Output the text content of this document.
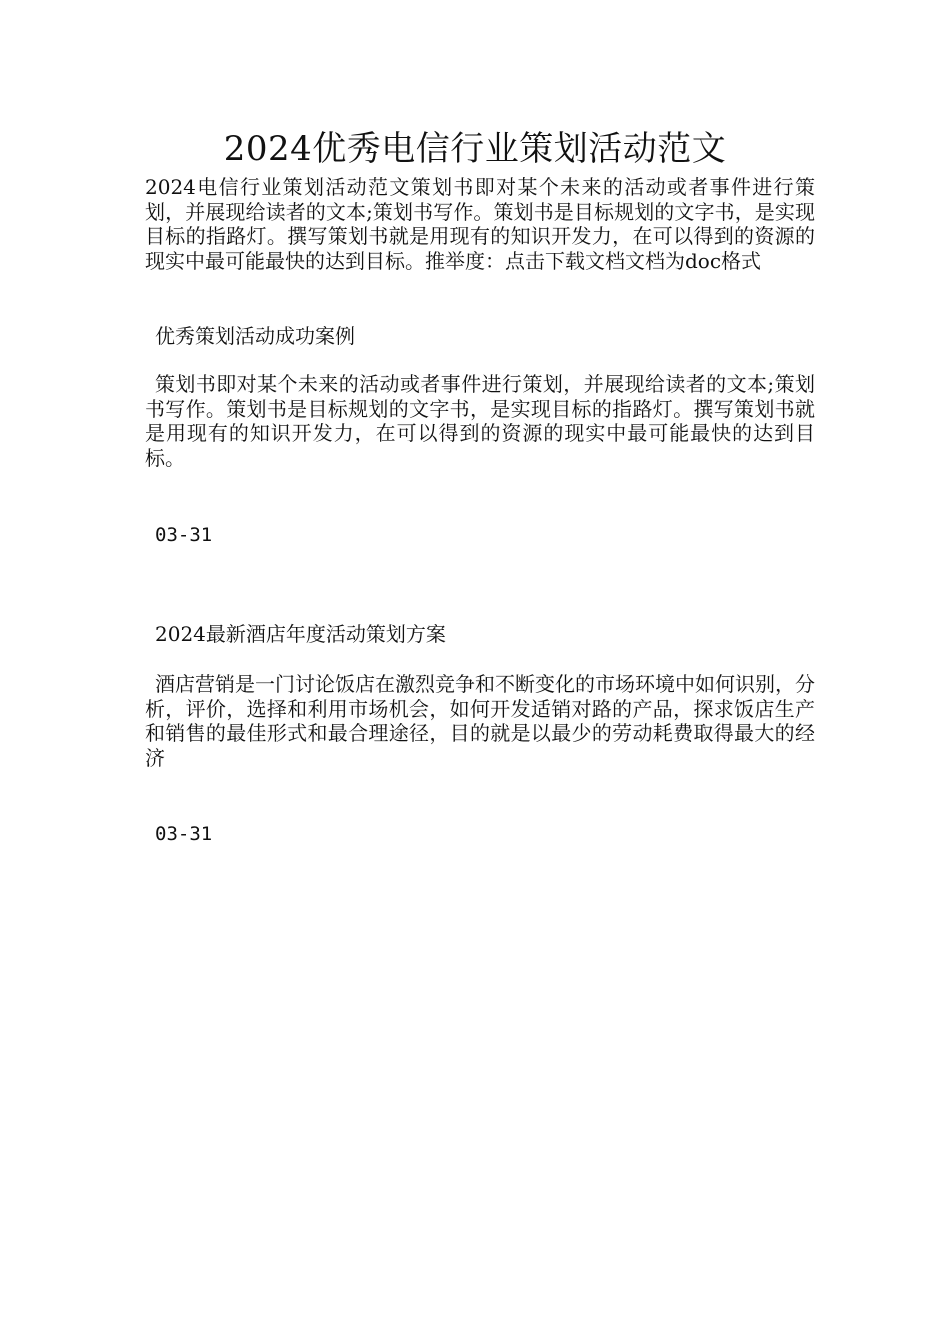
2024优秀电信行业策划活动范文

2024电信行业策划活动范文策划书即对某个未来的活动或者事件进行策划，并展现给读者的文本;策划书写作。策划书是目标规划的文字书，是实现目标的指路灯。撰写策划书就是用现有的知识开发力，在可以得到的资源的现实中最可能最快的达到目标。推举度：点击下载文档文档为doc格式

优秀策划活动成功案例

策划书即对某个未来的活动或者事件进行策划，并展现给读者的文本;策划书写作。策划书是目标规划的文字书，是实现目标的指路灯。撰写策划书就是用现有的知识开发力，在可以得到的资源的现实中最可能最快的达到目标。

03-31
2024最新酒店年度活动策划方案

酒店营销是一门讨论饭店在激烈竞争和不断变化的市场环境中如何识别，分析，评价，选择和利用市场机会，如何开发适销对路的产品，探求饭店生产和销售的最佳形式和最合理途径，目的就是以最少的劳动耗费取得最大的经济

03-31
